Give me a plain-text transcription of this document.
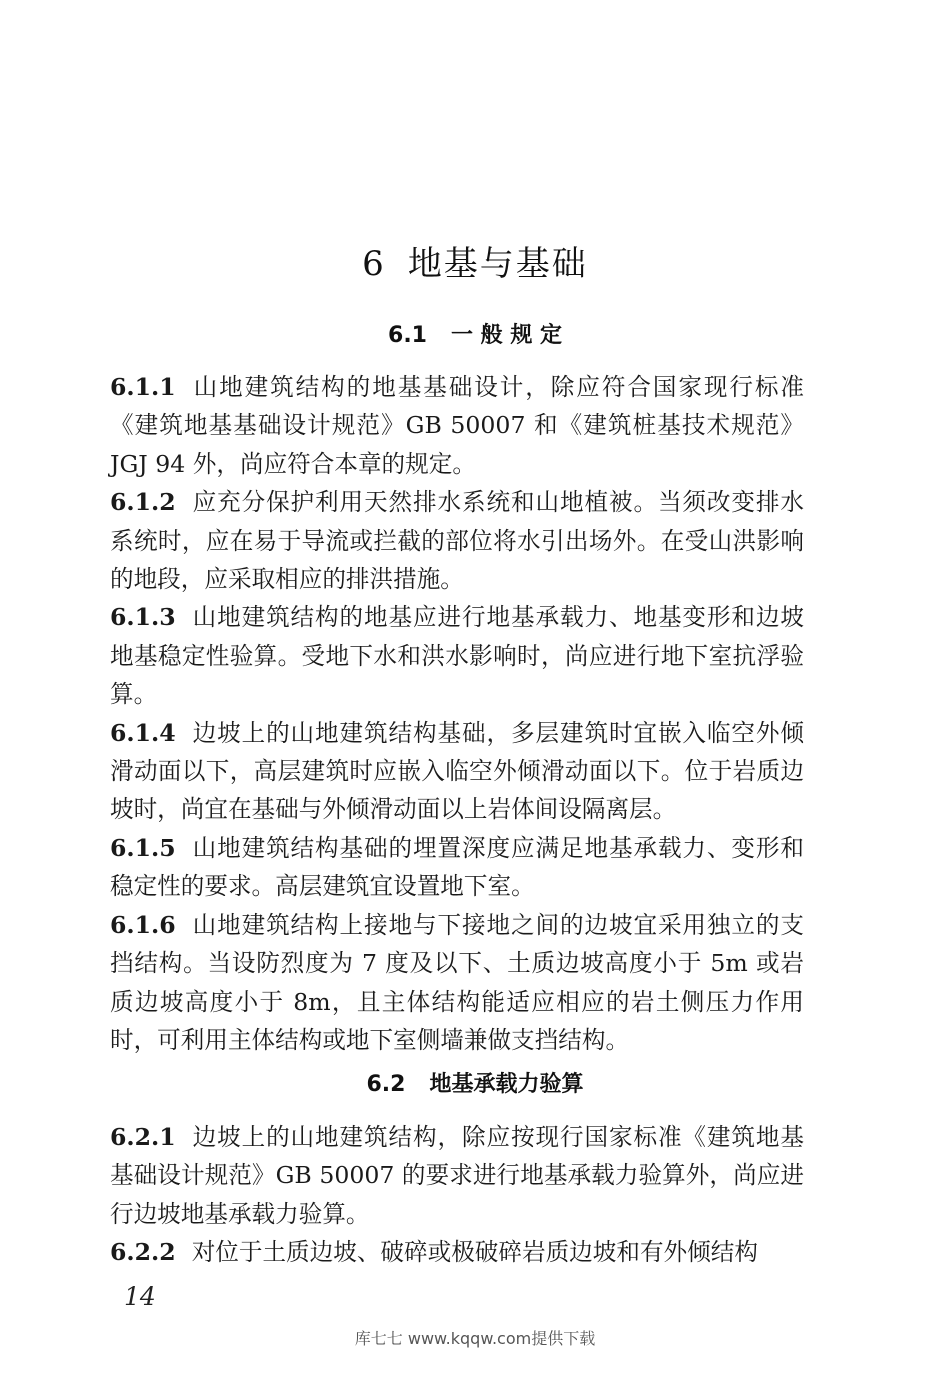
6 地基与基础
6.1 一 般 规 定

6.1.1 山地建筑结构的地基基础设计，除应符合国家现行标准《建筑地基基础设计规范》GB 50007 和《建筑桩基技术规范》JGJ 94 外，尚应符合本章的规定。

6.1.2 应充分保护利用天然排水系统和山地植被。当须改变排水系统时，应在易于导流或拦截的部位将水引出场外。在受山洪影响的地段，应采取相应的排洪措施。

6.1.3 山地建筑结构的地基应进行地基承载力、地基变形和边坡地基稳定性验算。受地下水和洪水影响时，尚应进行地下室抗浮验算。

6.1.4 边坡上的山地建筑结构基础，多层建筑时宜嵌入临空外倾滑动面以下，高层建筑时应嵌入临空外倾滑动面以下。位于岩质边坡时，尚宜在基础与外倾滑动面以上岩体间设隔离层。

6.1.5 山地建筑结构基础的埋置深度应满足地基承载力、变形和稳定性的要求。高层建筑宜设置地下室。

6.1.6 山地建筑结构上接地与下接地之间的边坡宜采用独立的支挡结构。当设防烈度为 7 度及以下、土质边坡高度小于 5m 或岩质边坡高度小于 8m，且主体结构能适应相应的岩土侧压力作用时，可利用主体结构或地下室侧墙兼做支挡结构。

6.2 地基承载力验算

6.2.1 边坡上的山地建筑结构，除应按现行国家标准《建筑地基基础设计规范》GB 50007 的要求进行地基承载力验算外，尚应进行边坡地基承载力验算。

6.2.2 对位于土质边坡、破碎或极破碎岩质边坡和有外倾结构

14
库七七 www.kqqw.com提供下载
